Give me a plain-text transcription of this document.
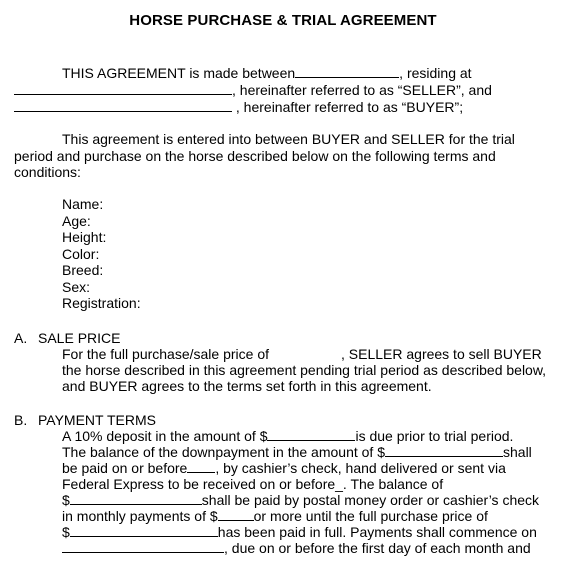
HORSE PURCHASE & TRIAL AGREEMENT
THIS AGREEMENT is made between	, residing at
, hereinafter referred to as “SELLER”, and
, hereinafter referred to as “BUYER”;
This agreement is entered into between BUYER and SELLER for the trial
period and purchase on the horse described below on the following terms and
conditions:
Name:
Age:
Height:
Color:
Breed:
Sex:
Registration:
A. SALE PRICE
For the full purchase/sale price of	, SELLER agrees to sell BUYER
the horse described in this agreement pending trial period as described below,
and BUYER agrees to the terms set forth in this agreement.
B. PAYMENT TERMS
A 10% deposit in the amount of $	is due prior to trial period.
The balance of the downpayment in the amount of $	shall
be paid on or before , by cashier’s check, hand delivered or sent via
Federal Express to be received on or before_. The balance of
$	shall be paid by postal money order or cashier’s check
in monthly payments of $	or more until the full purchase price of
$	has been paid in full. Payments shall commence on
, due on or before the first day of each month and
